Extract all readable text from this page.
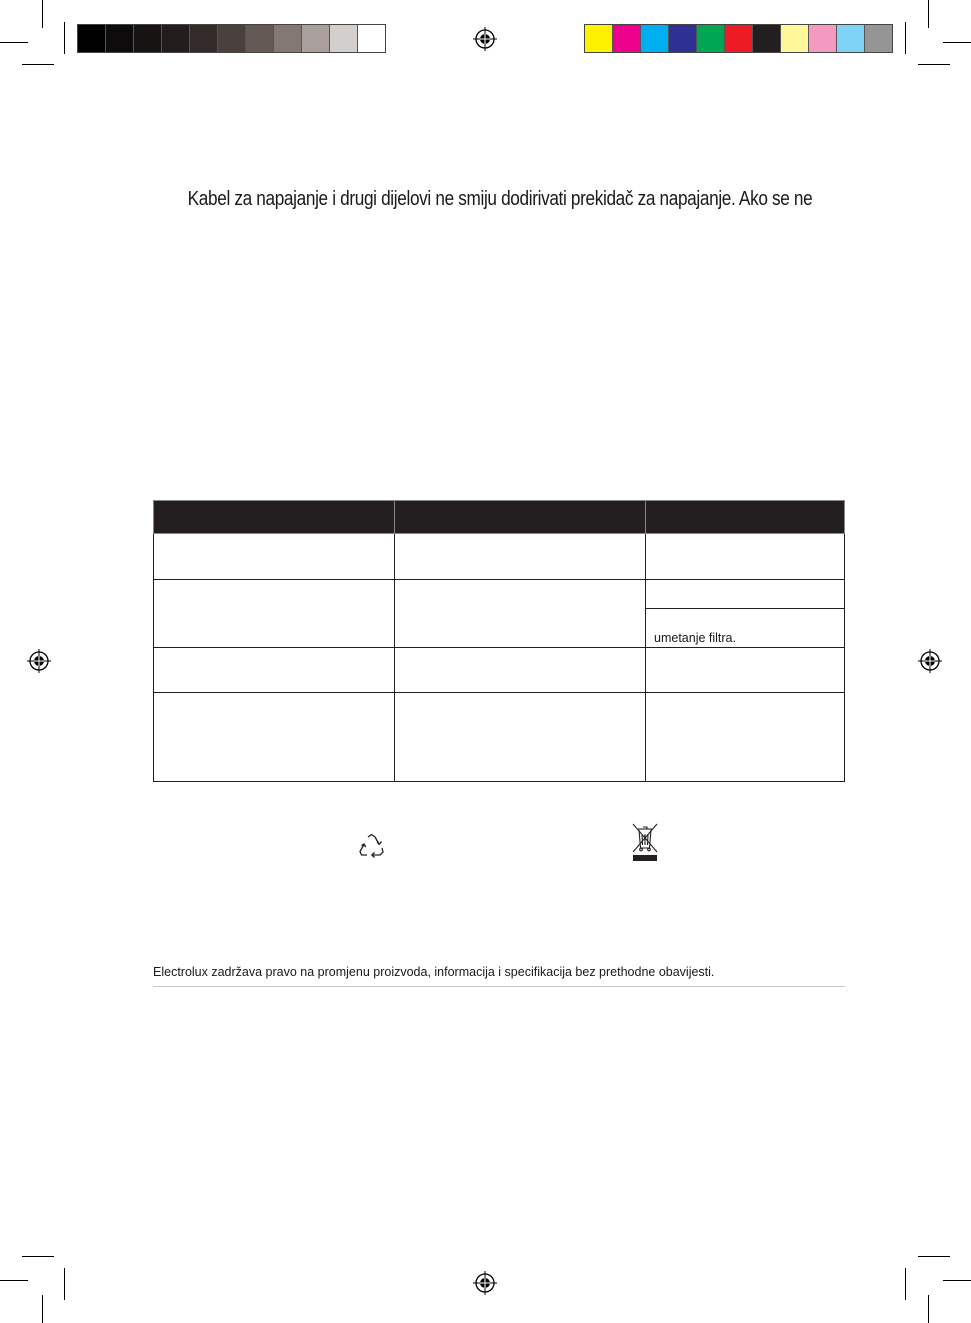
Kabel za napajanje i drugi dijelovi ne smiju dodirivati prekidač za napajanje. Ako se ne

		umetanje filtra.

Electrolux zadržava pravo na promjenu proizvoda, informacija i specifikacija bez prethodne obavijesti.
